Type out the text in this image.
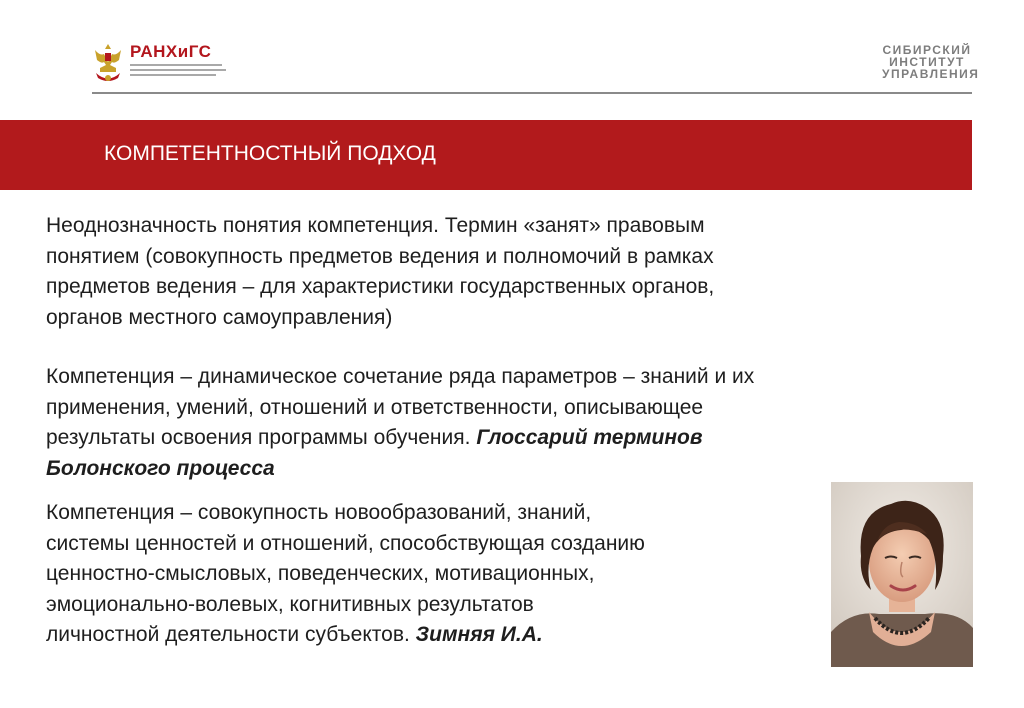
РАНХиГС	СИБИРСКИЙ
ИНСТИТУТ
УПРАВЛЕНИЯ
КОМПЕТЕНТНОСТНЫЙ ПОДХОД

Неоднозначность понятия компетенция. Термин «занят» правовым
понятием (совокупность предметов ведения и полномочий в рамках
предметов ведения – для характеристики государственных органов,
органов местного самоуправления)

Компетенция – динамическое сочетание ряда параметров – знаний и их
применения, умений, отношений и ответственности, описывающее
результаты освоения программы обучения. Глоссарий терминов
Болонского процесса

Компетенция – совокупность новообразований, знаний,
системы ценностей и отношений, способствующая созданию
ценностно-смысловых, поведенческих, мотивационных,
эмоционально-волевых, когнитивных результатов
личностной деятельности субъектов. Зимняя И.А.
